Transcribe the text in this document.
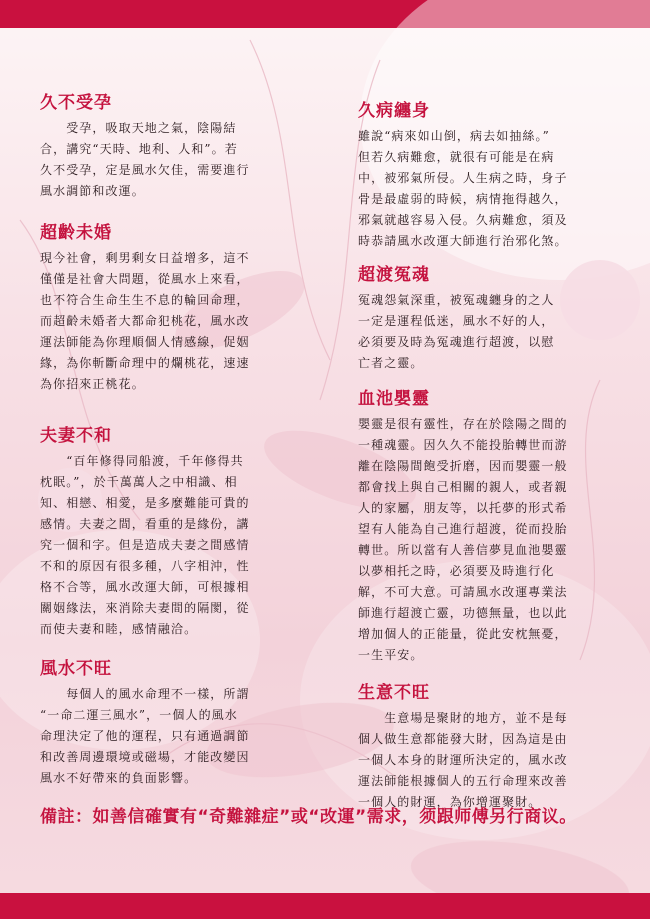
久不受孕

　　受孕，吸取天地之氣，陰陽結
合，講究“天時、地利、人和”。若
久不受孕，定是風水欠佳，需要進行
風水調節和改運。

超齡未婚

現今社會，剩男剩女日益增多，這不
僅僅是社會大問題，從風水上來看，
也不符合生命生生不息的輪回命理，
而超齡未婚者大都命犯桃花，風水改
運法師能為你理順個人情感線，促姻
緣，為你斬斷命理中的爛桃花，速速
為你招來正桃花。

夫妻不和

　　“百年修得同船渡，千年修得共
枕眠。”，於千萬萬人之中相識、相
知、相戀、相愛，是多麼難能可貴的
感情。夫妻之間，看重的是緣份，講
究一個和字。但是造成夫妻之間感情
不和的原因有很多種，八字相沖，性
格不合等，風水改運大師，可根據相
關姻緣法，來消除夫妻間的隔閡，從
而使夫妻和睦，感情融洽。

風水不旺

　　每個人的風水命理不一樣，所謂
“一命二運三風水”，一個人的風水
命理決定了他的運程，只有通過調節
和改善周邊環境或磁場，才能改變因
風水不好帶來的負面影響。

久病纏身

雖說“病來如山倒，病去如抽絲。”
但若久病難愈，就很有可能是在病
中，被邪氣所侵。人生病之時，身子
骨是最虛弱的時候，病情拖得越久，
邪氣就越容易入侵。久病難愈，須及
時恭請風水改運大師進行治邪化煞。

超渡冤魂

冤魂怨氣深重，被冤魂纏身的之人
一定是運程低迷，風水不好的人，
必須要及時為冤魂進行超渡，以慰
亡者之靈。

血池嬰靈

嬰靈是很有靈性，存在於陰陽之間的
一種魂靈。因久久不能投胎轉世而游
離在陰陽間飽受折磨，因而嬰靈一般
都會找上與自己相關的親人，或者親
人的家屬，朋友等，以托夢的形式希
望有人能為自己進行超渡，從而投胎
轉世。所以當有人善信夢見血池嬰靈
以夢相托之時，必須要及時進行化
解，不可大意。可請風水改運專業法
師進行超渡亡靈，功德無量，也以此
增加個人的正能量，從此安枕無憂，
一生平安。

生意不旺

　　生意場是聚財的地方，並不是每
個人做生意都能發大財，因為這是由
一個人本身的財運所決定的，風水改
運法師能根據個人的五行命理來改善
一個人的財運，為你增運聚財。

備註：如善信確實有“奇難雜症”或“改運”需求，须跟师傅另行商议。
